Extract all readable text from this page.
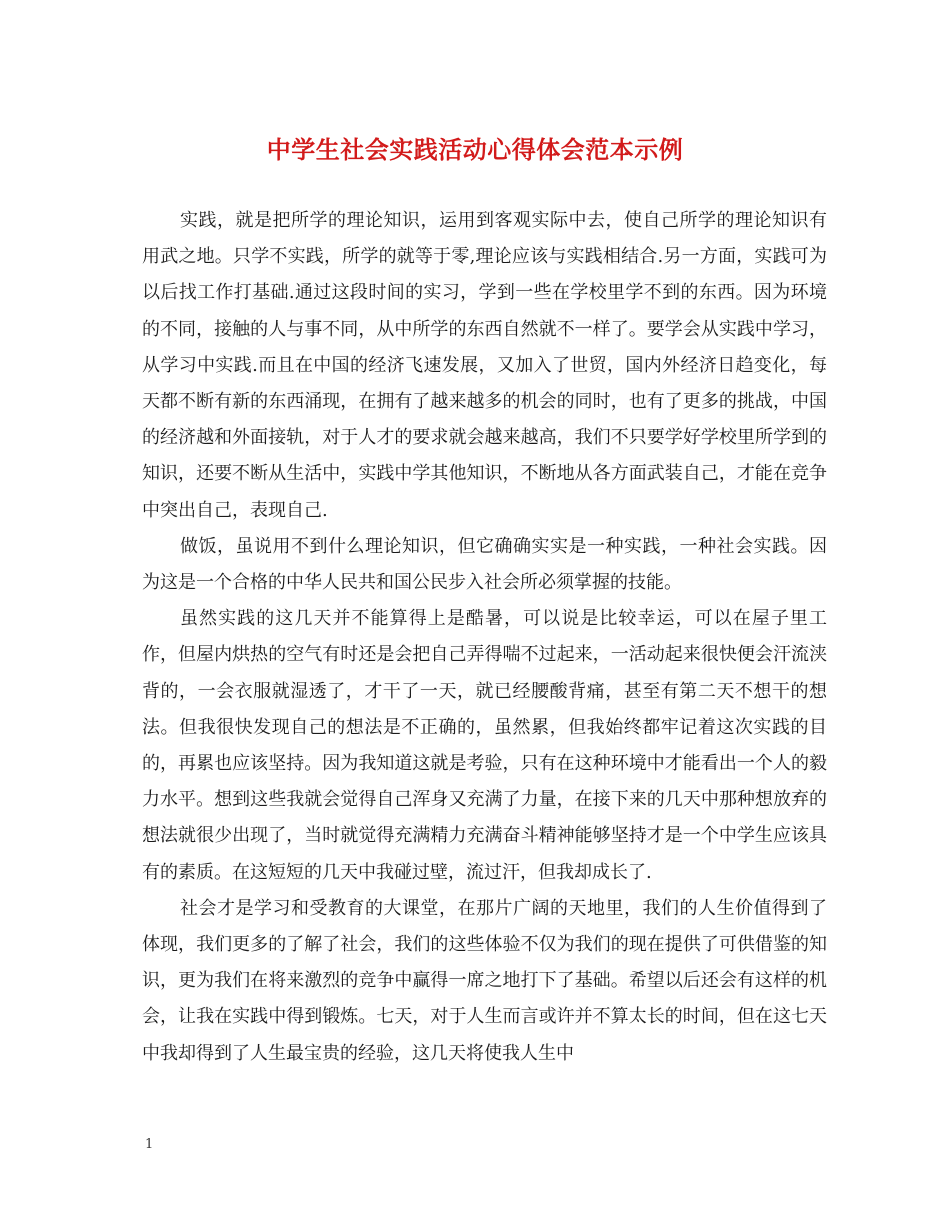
中学生社会实践活动心得体会范本示例

实践，就是把所学的理论知识，运用到客观实际中去，使自己所学的理论知识有用武之地。只学不实践，所学的就等于零,理论应该与实践相结合.另一方面，实践可为以后找工作打基础.通过这段时间的实习，学到一些在学校里学不到的东西。因为环境的不同，接触的人与事不同，从中所学的东西自然就不一样了。要学会从实践中学习，从学习中实践.而且在中国的经济飞速发展，又加入了世贸，国内外经济日趋变化，每天都不断有新的东西涌现，在拥有了越来越多的机会的同时，也有了更多的挑战，中国的经济越和外面接轨，对于人才的要求就会越来越高，我们不只要学好学校里所学到的知识，还要不断从生活中，实践中学其他知识，不断地从各方面武装自己，才能在竞争中突出自己，表现自己.

做饭，虽说用不到什么理论知识，但它确确实实是一种实践，一种社会实践。因为这是一个合格的中华人民共和国公民步入社会所必须掌握的技能。

虽然实践的这几天并不能算得上是酷暑，可以说是比较幸运，可以在屋子里工作，但屋内烘热的空气有时还是会把自己弄得喘不过起来，一活动起来很快便会汗流浃背的，一会衣服就湿透了，才干了一天，就已经腰酸背痛，甚至有第二天不想干的想法。但我很快发现自己的想法是不正确的，虽然累，但我始终都牢记着这次实践的目的，再累也应该坚持。因为我知道这就是考验，只有在这种环境中才能看出一个人的毅力水平。想到这些我就会觉得自己浑身又充满了力量，在接下来的几天中那种想放弃的想法就很少出现了，当时就觉得充满精力充满奋斗精神能够坚持才是一个中学生应该具有的素质。在这短短的几天中我碰过壁，流过汗，但我却成长了.

社会才是学习和受教育的大课堂，在那片广阔的天地里，我们的人生价值得到了体现，我们更多的了解了社会，我们的这些体验不仅为我们的现在提供了可供借鉴的知识，更为我们在将来激烈的竞争中赢得一席之地打下了基础。希望以后还会有这样的机会，让我在实践中得到锻炼。七天，对于人生而言或许并不算太长的时间，但在这七天中我却得到了人生最宝贵的经验，这几天将使我人生中

1
